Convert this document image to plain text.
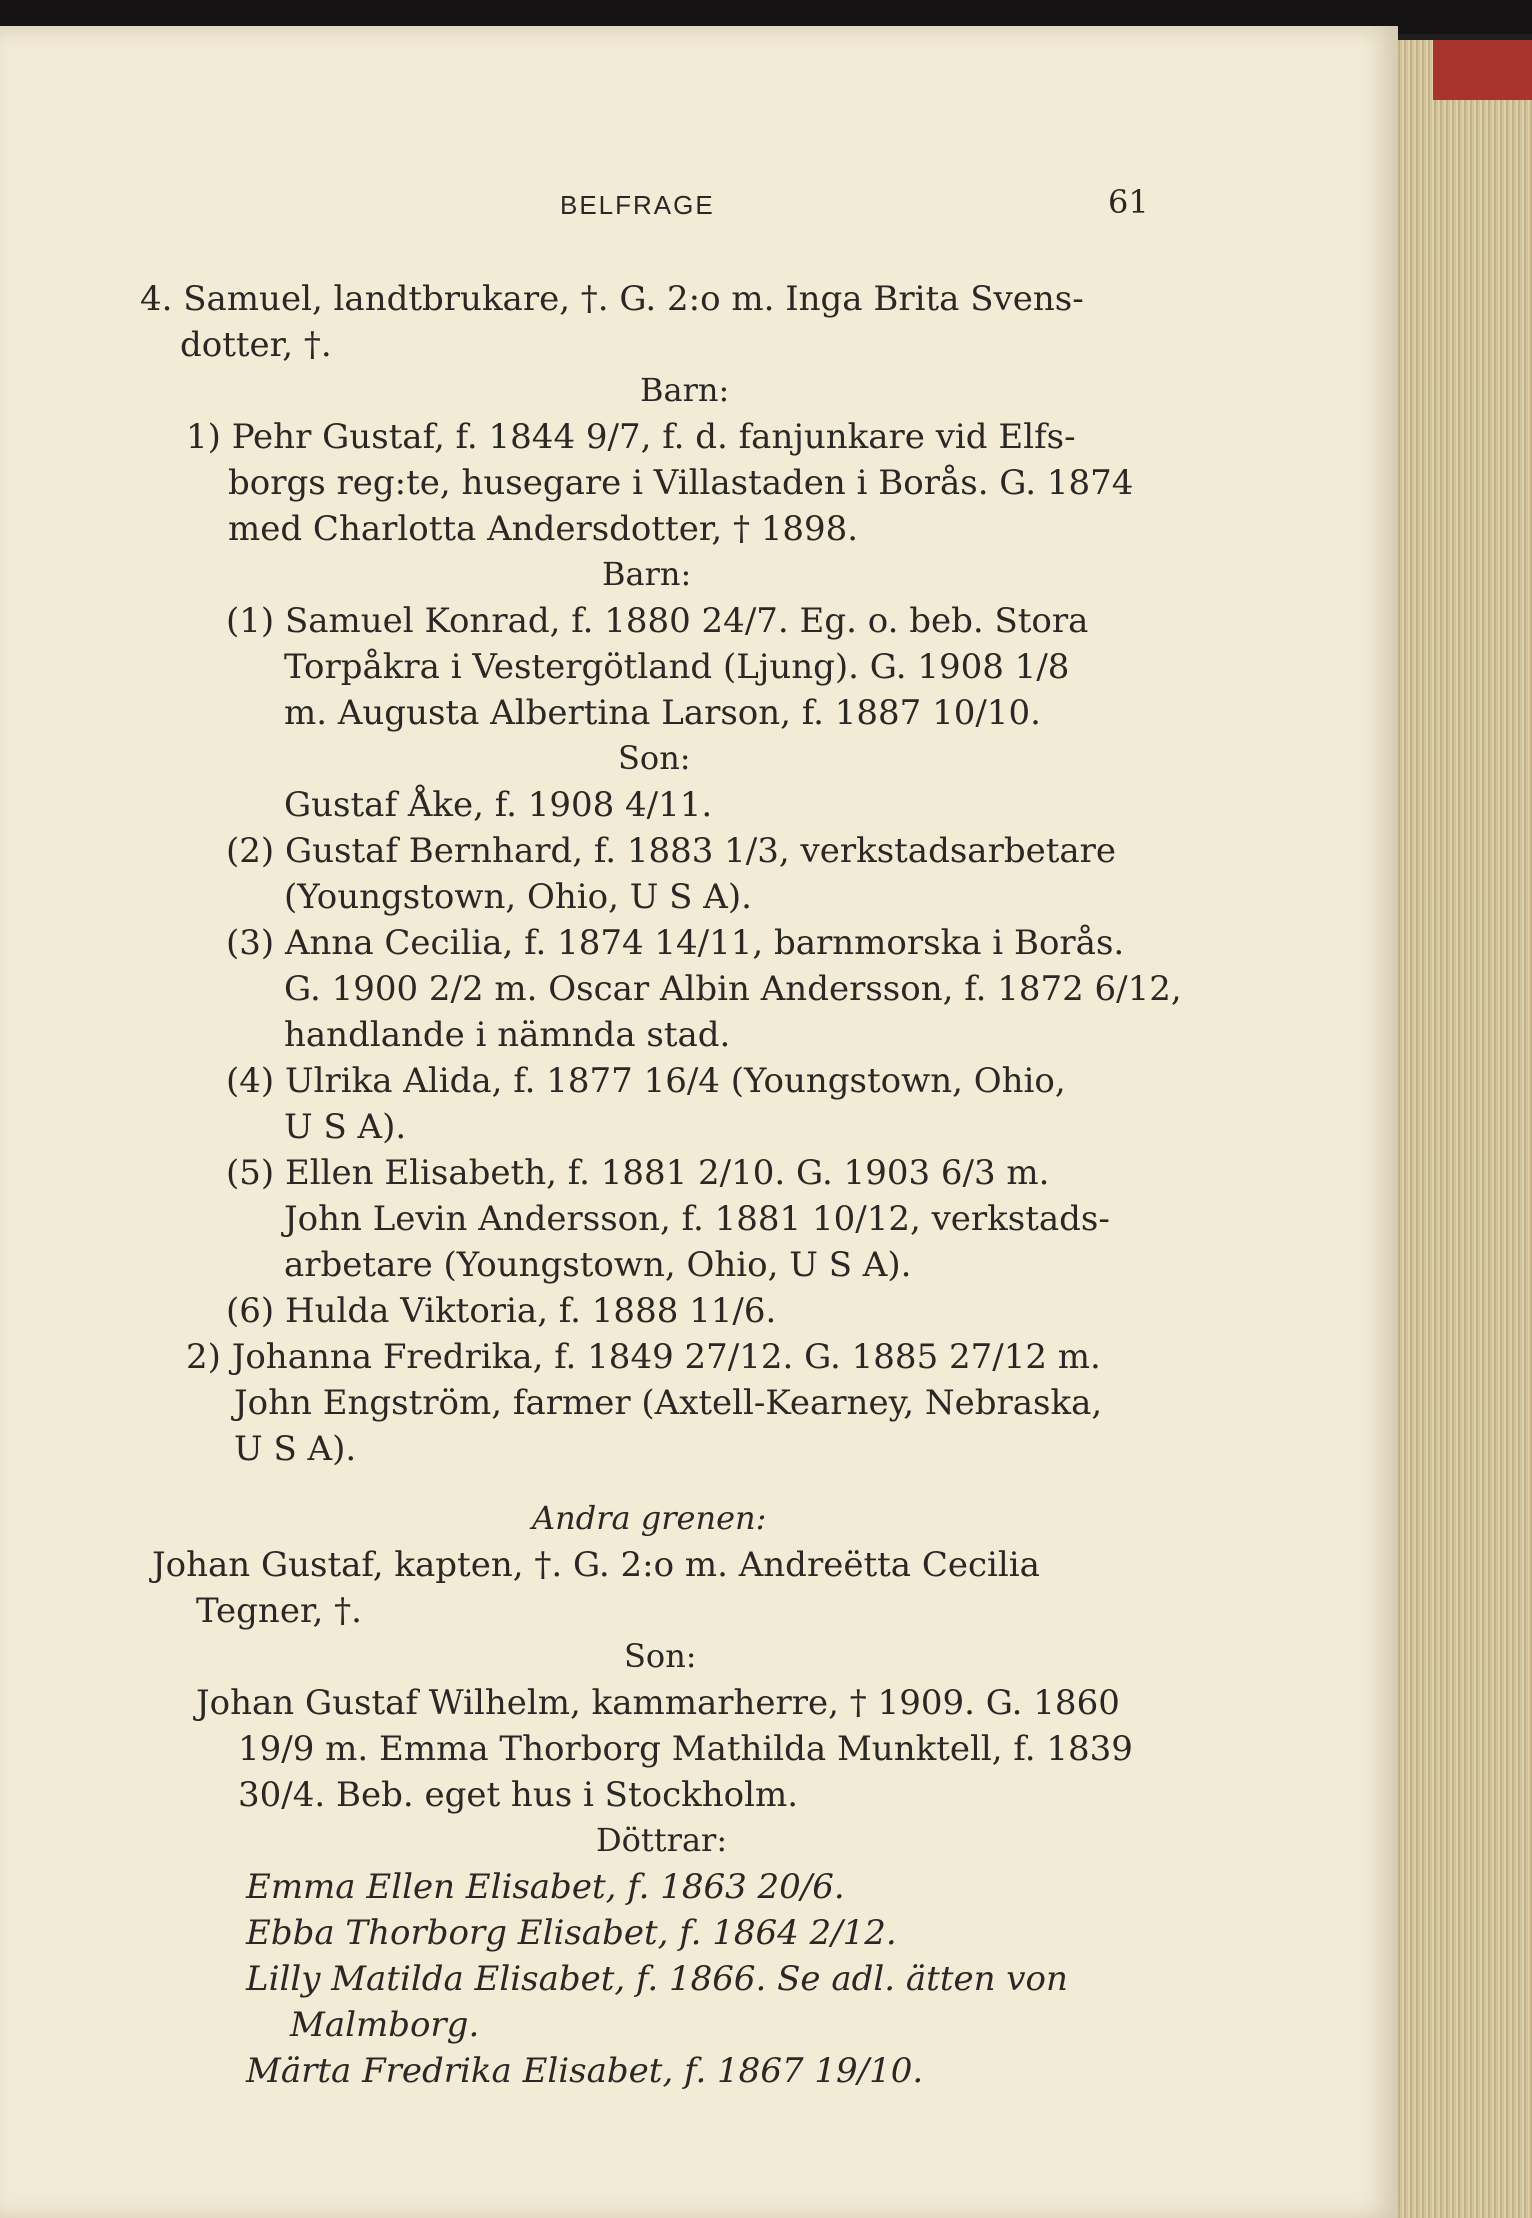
BELFRAGE	61
4. Samuel, landtbrukare, †. G. 2:o m. Inga Brita Svens-
dotter, †.
Barn:
1) Pehr Gustaf, f. 1844 9/7, f. d. fanjunkare vid Elfs-
borgs reg:te, husegare i Villastaden i Borås. G. 1874
med Charlotta Andersdotter, † 1898.
Barn:
(1) Samuel Konrad, f. 1880 24/7. Eg. o. beb. Stora
Torpåkra i Vestergötland (Ljung). G. 1908 1/8
m. Augusta Albertina Larson, f. 1887 10/10.
Son:
Gustaf Åke, f. 1908 4/11.
(2) Gustaf Bernhard, f. 1883 1/3, verkstadsarbetare
(Youngstown, Ohio, U S A).
(3) Anna Cecilia, f. 1874 14/11, barnmorska i Borås.
G. 1900 2/2 m. Oscar Albin Andersson, f. 1872 6/12,
handlande i nämnda stad.
(4) Ulrika Alida, f. 1877 16/4 (Youngstown, Ohio,
U S A).
(5) Ellen Elisabeth, f. 1881 2/10. G. 1903 6/3 m.
John Levin Andersson, f. 1881 10/12, verkstads-
arbetare (Youngstown, Ohio, U S A).
(6) Hulda Viktoria, f. 1888 11/6.
2) Johanna Fredrika, f. 1849 27/12. G. 1885 27/12 m.
John Engström, farmer (Axtell-Kearney, Nebraska,
U S A).
Andra grenen:
Johan Gustaf, kapten, †. G. 2:o m. Andreëtta Cecilia
Tegner, †.
Son:
Johan Gustaf Wilhelm, kammarherre, † 1909. G. 1860
19/9 m. Emma Thorborg Mathilda Munktell, f. 1839
30/4. Beb. eget hus i Stockholm.
Döttrar:
Emma Ellen Elisabet, f. 1863 20/6.
Ebba Thorborg Elisabet, f. 1864 2/12.
Lilly Matilda Elisabet, f. 1866. Se adl. ätten von
Malmborg.
Märta Fredrika Elisabet, f. 1867 19/10.
